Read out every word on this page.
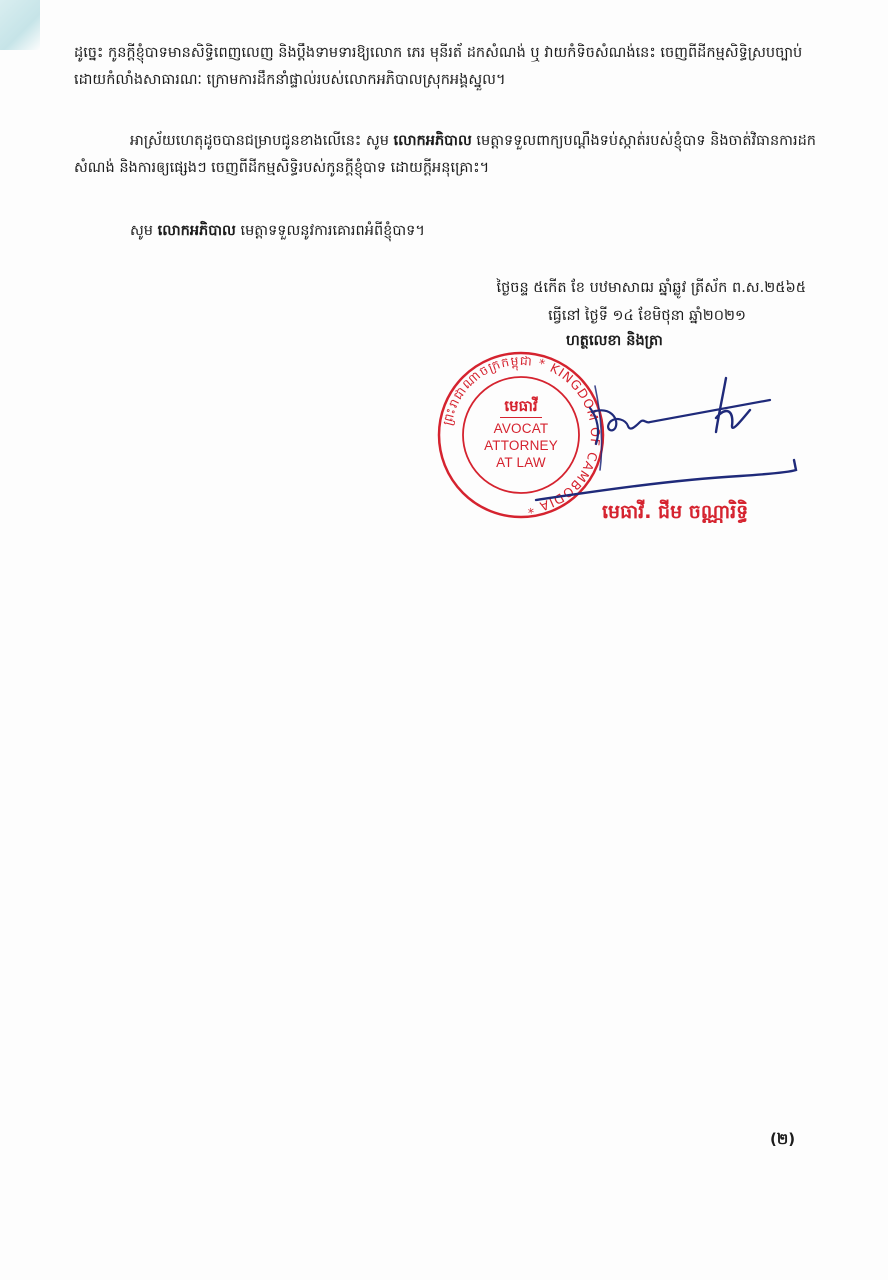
ដូច្នេះ កូនក្តីខ្ញុំបាទមានសិទ្ធិពេញលេញ និងប្តឹងទាមទារឱ្យលោក ភេរ មុនីរត័ ដកសំណង់ ឬ វាយកំទិចសំណង់នេះ ចេញពីដីកម្មសិទ្ធិស្របច្បាប់ ដោយកំលាំងសាធារណៈ ក្រោមការដឹកនាំផ្ទាល់របស់លោកអភិបាលស្រុកអង្គស្នួល។
អាស្រ័យហេតុដូចបានជម្រាបជូនខាងលើនេះ សូម លោកអភិបាល មេត្តាទទួលពាក្យបណ្តឹងទប់ស្កាត់របស់ខ្ញុំបាទ និងចាត់វិធានការដកសំណង់ និងការឲ្យផ្សេងៗ ចេញពីដីកម្មសិទ្ធិរបស់កូនក្តីខ្ញុំបាទ ដោយក្តីអនុគ្រោះ។
សូម លោកអភិបាល មេត្តាទទួលនូវការគោរពអំពីខ្ញុំបាទ។
ថ្ងៃចន្ទ ៥កើត ខែ បឋមាសាឍ ឆ្នាំឆ្លូវ ត្រីស័ក ព.ស.២៥៦៥
ធ្វើនៅ ថ្ងៃទី ១៤ ខែមិថុនា ឆ្នាំ២០២១
ហត្ថលេខា និងត្រា
ព្រះរាជាណាចក្រកម្ពុជា * KINGDOM OF CAMBODIA *
មេធាវី
AVOCAT
ATTORNEY
AT LAW
មេធាវី. ជីម ចណ្ណារិទ្ធិ
(២)
